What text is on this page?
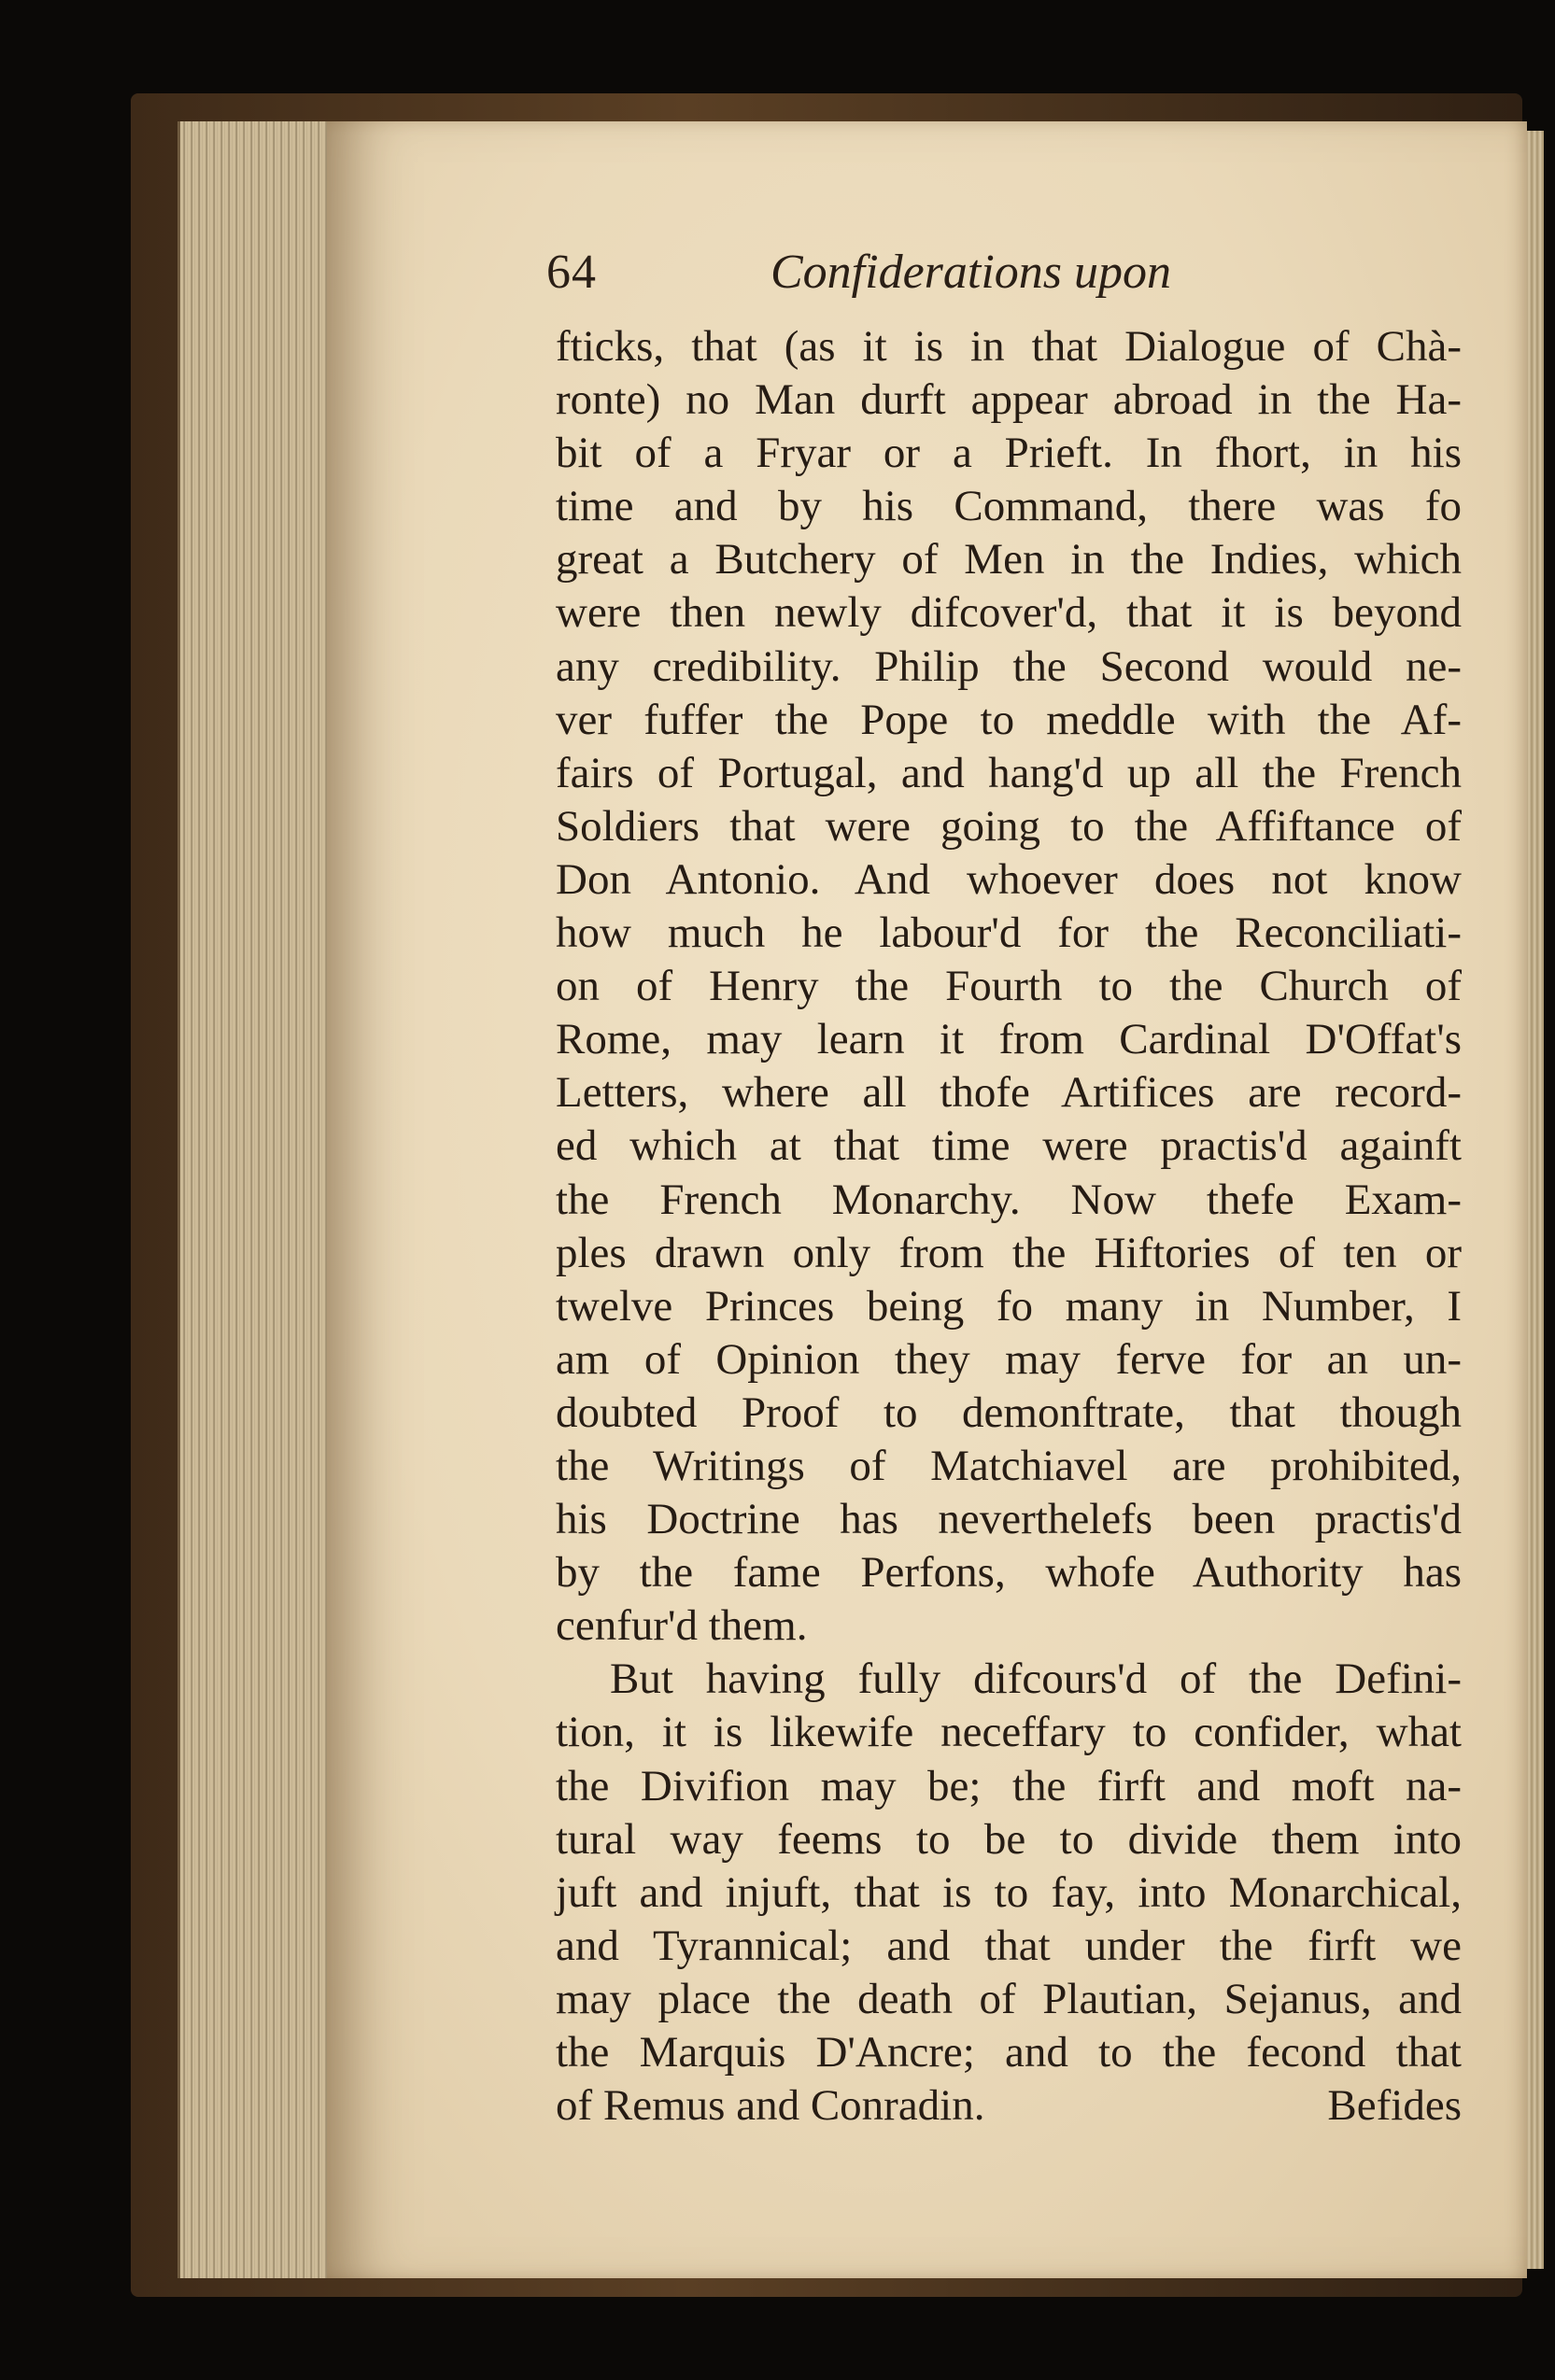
64	Confiderations upon
fticks, that (as it is in that Dialogue of Chà-
ronte) no Man durft appear abroad in the Ha-
bit of a Fryar or a Prieft. In fhort, in his
time and by his Command, there was fo
great a Butchery of Men in the Indies, which
were then newly difcover'd, that it is beyond
any credibility. Philip the Second would ne-
ver fuffer the Pope to meddle with the Af-
fairs of Portugal, and hang'd up all the French
Soldiers that were going to the Affiftance of
Don Antonio. And whoever does not know
how much he labour'd for the Reconciliati-
on of Henry the Fourth to the Church of
Rome, may learn it from Cardinal D'Offat's
Letters, where all thofe Artifices are record-
ed which at that time were practis'd againft
the French Monarchy. Now thefe Exam-
ples drawn only from the Hiftories of ten or
twelve Princes being fo many in Number, I
am of Opinion they may ferve for an un-
doubted Proof to demonftrate, that though
the Writings of Matchiavel are prohibited,
his Doctrine has neverthelefs been practis'd
by the fame Perfons, whofe Authority has
cenfur'd them.
But having fully difcours'd of the Defini-
tion, it is likewife neceffary to confider, what
the Divifion may be; the firft and moft na-
tural way feems to be to divide them into
juft and injuft, that is to fay, into Monarchical,
and Tyrannical; and that under the firft we
may place the death of Plautian, Sejanus, and
the Marquis D'Ancre; and to the fecond that
of Remus and Conradin.	Befides
